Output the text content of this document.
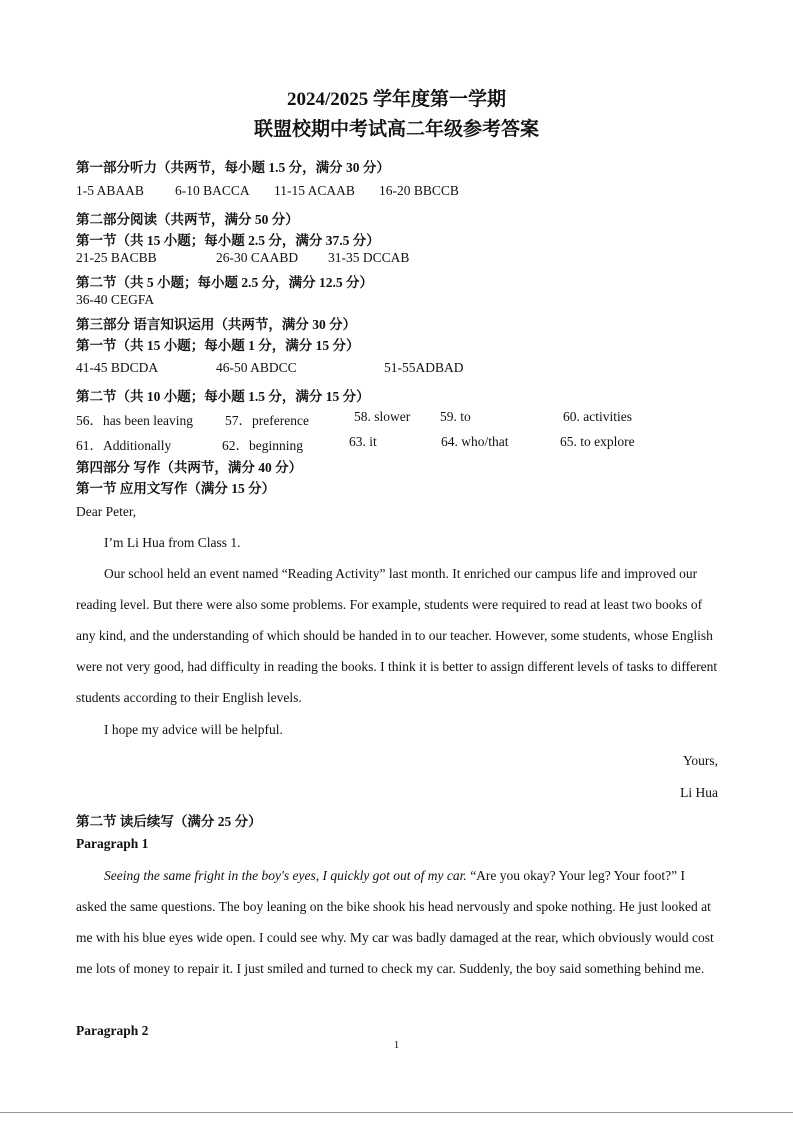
2024/2025 学年度第一学期
联盟校期中考试高二年级参考答案
第一部分听力（共两节，每小题 1.5 分，满分 30 分）
1-5 ABAAB 6-10 BACCA 11-15 ACAAB 16-20 BBCCB
第二部分阅读（共两节，满分 50 分）
第一节（共 15 小题；每小题 2.5 分，满分 37.5 分）
21-25 BACBB	26-30 CAABD 31-35 DCCAB
第二节（共 5 小题；每小题 2.5 分，满分 12.5 分）
36-40 CEGFA
第三部分 语言知识运用（共两节，满分 30 分）
第一节（共 15 小题；每小题 1 分，满分 15 分）
41-45 BDCDA	46-50 ABDCC	51-55ADBAD
第二节（共 10 小题；每小题 1.5 分，满分 15 分）
56．has been leaving 57．preference	58. slower 59. to	60. activities
61．Additionally	62．beginning	63. it	64. who/that	65. to explore
第四部分 写作（共两节，满分 40 分）
第一节 应用文写作（满分 15 分）
Dear Peter,
I’m Li Hua from Class 1.
Our school held an event named “Reading Activity” last month. It enriched our campus life and improved our reading level. But there were also some problems. For example, students were required to read at least two books of any kind, and the understanding of which should be handed in to our teacher. However, some students, whose English were not very good, had difficulty in reading the books. I think it is better to assign different levels of tasks to different students according to their English levels.
I hope my advice will be helpful.
Yours,
Li Hua
第二节 读后续写（满分 25 分）
Paragraph 1
Seeing the same fright in the boy's eyes, I quickly got out of my car. “Are you okay? Your leg? Your foot?” I asked the same questions. The boy leaning on the bike shook his head nervously and spoke nothing. He just looked at me with his blue eyes wide open. I could see why. My car was badly damaged at the rear, which obviously would cost me lots of money to repair it. I just smiled and turned to check my car. Suddenly, the boy said something behind me.
Paragraph 2
1
